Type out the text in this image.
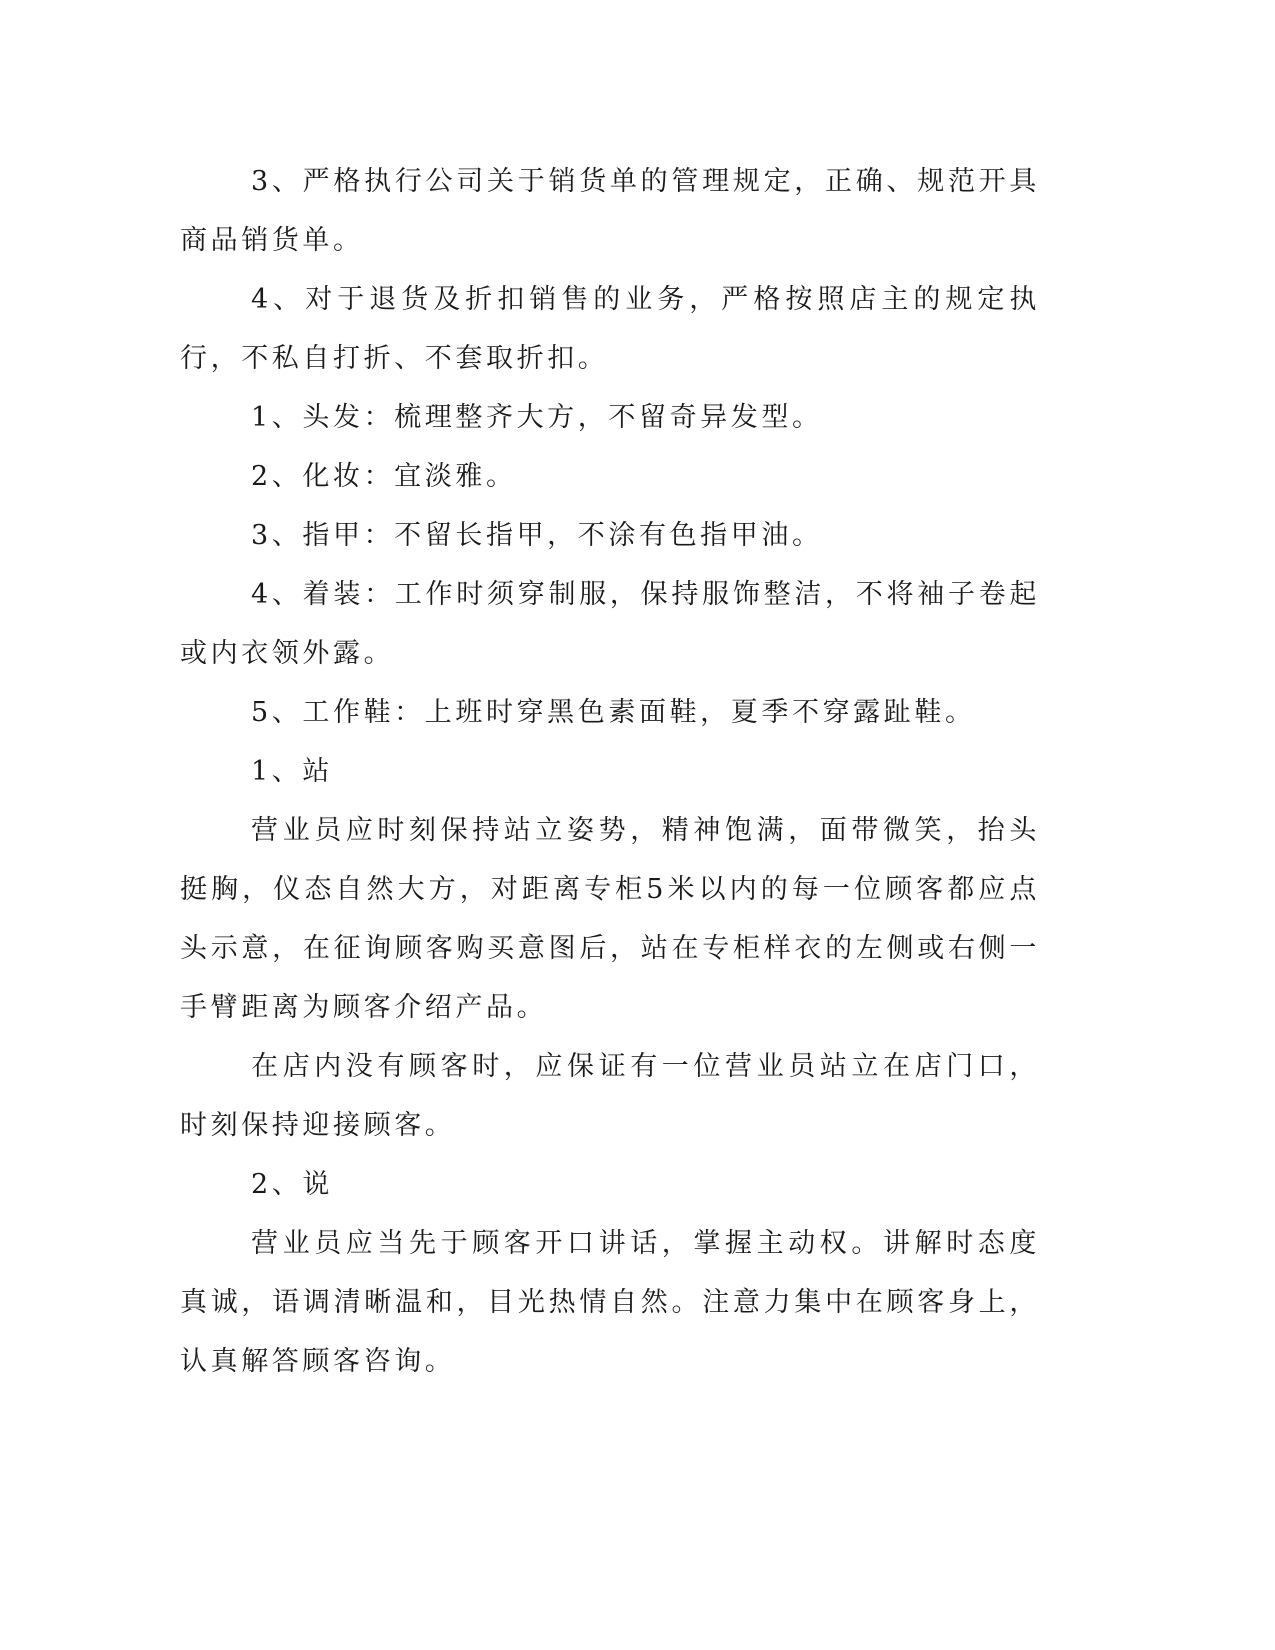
3、严格执行公司关于销货单的管理规定，正确、规范开具商品销货单。

4、对于退货及折扣销售的业务，严格按照店主的规定执行，不私自打折、不套取折扣。

1、头发：梳理整齐大方，不留奇异发型。

2、化妆：宜淡雅。

3、指甲：不留长指甲，不涂有色指甲油。

4、着装：工作时须穿制服，保持服饰整洁，不将袖子卷起或内衣领外露。

5、工作鞋：上班时穿黑色素面鞋，夏季不穿露趾鞋。

1、站

营业员应时刻保持站立姿势，精神饱满，面带微笑，抬头挺胸，仪态自然大方，对距离专柜5米以内的每一位顾客都应点头示意，在征询顾客购买意图后，站在专柜样衣的左侧或右侧一手臂距离为顾客介绍产品。

在店内没有顾客时，应保证有一位营业员站立在店门口，时刻保持迎接顾客。

2、说

营业员应当先于顾客开口讲话，掌握主动权。讲解时态度真诚，语调清晰温和，目光热情自然。注意力集中在顾客身上，认真解答顾客咨询。
